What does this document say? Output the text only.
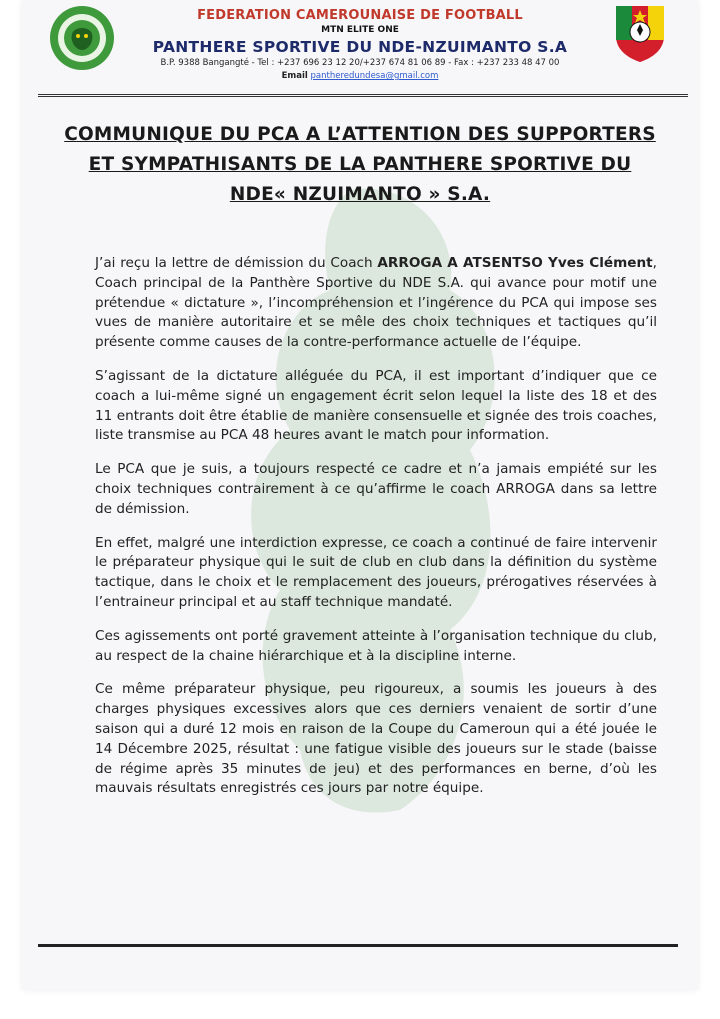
FEDERATION CAMEROUNAISE DE FOOTBALL
MTN ELITE ONE
PANTHERE SPORTIVE DU NDE-NZUIMANTO S.A
B.P. 9388 Bangangté - Tel : +237 696 23 12 20/+237 674 81 06 89 - Fax : +237 233 48 47 00
Email pantheredundesa@gmail.com
COMMUNIQUE DU PCA A L’ATTENTION DES SUPPORTERS ET SYMPATHISANTS DE LA PANTHERE SPORTIVE DU NDE« NZUIMANTO » S.A.

J’ai reçu la lettre de démission du Coach ARROGA A ATSENTSO Yves Clément, Coach principal de la Panthère Sportive du NDE S.A. qui avance pour motif une prétendue « dictature », l’incompréhension et l’ingérence du PCA qui impose ses vues de manière autoritaire et se mêle des choix techniques et tactiques qu’il présente comme causes de la contre-performance actuelle de l’équipe.

S’agissant de la dictature alléguée du PCA, il est important d’indiquer que ce coach a lui-même signé un engagement écrit selon lequel la liste des 18 et des 11 entrants doit être établie de manière consensuelle et signée des trois coaches, liste transmise au PCA 48 heures avant le match pour information.

Le PCA que je suis, a toujours respecté ce cadre et n’a jamais empiété sur les choix techniques contrairement à ce qu’affirme le coach ARROGA dans sa lettre de démission.

En effet, malgré une interdiction expresse, ce coach a continué de faire intervenir le préparateur physique qui le suit de club en club dans la définition du système tactique, dans le choix et le remplacement des joueurs, prérogatives réservées à l’entraineur principal et au staff technique mandaté.

Ces agissements ont porté gravement atteinte à l’organisation technique du club, au respect de la chaine hiérarchique et à la discipline interne.

Ce même préparateur physique, peu rigoureux, a soumis les joueurs à des charges physiques excessives alors que ces derniers venaient de sortir d’une saison qui a duré 12 mois en raison de la Coupe du Cameroun qui a été jouée le 14 Décembre 2025, résultat : une fatigue visible des joueurs sur le stade (baisse de régime après 35 minutes de jeu) et des performances en berne, d’où les mauvais résultats enregistrés ces jours par notre équipe.
